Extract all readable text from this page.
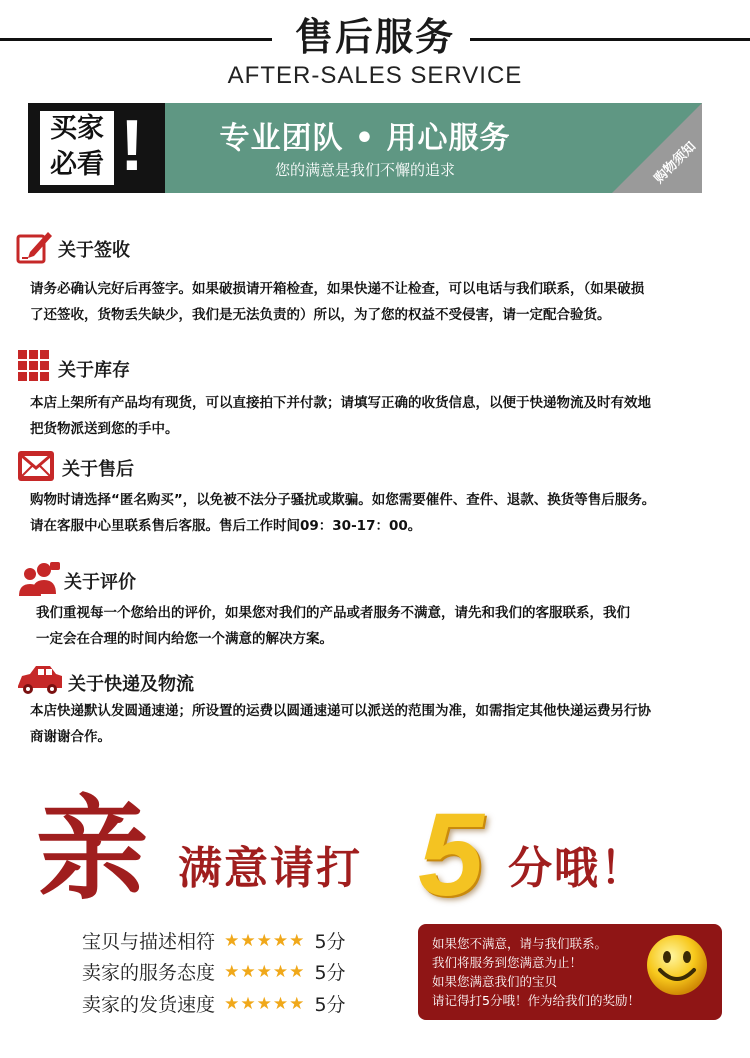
售后服务
AFTER-SALES SERVICE
买家
必看 !	专业团队 • 用心服务
您的满意是我们不懈的追求	购物须知
关于签收
请务必确认完好后再签字。如果破损请开箱检查，如果快递不让检查，可以电话与我们联系，（如果破损
了还签收，货物丢失缺少，我们是无法负责的）所以，为了您的权益不受侵害，请一定配合验货。
关于库存
本店上架所有产品均有现货，可以直接拍下并付款；请填写正确的收货信息，以便于快递物流及时有效地
把货物派送到您的手中。
关于售后
购物时请选择“匿名购买”，以免被不法分子骚扰或欺骗。如您需要催件、查件、退款、换货等售后服务。
请在客服中心里联系售后客服。售后工作时间09：30-17：00。
关于评价
我们重视每一个您给出的评价，如果您对我们的产品或者服务不满意，请先和我们的客服联系，我们
一定会在合理的时间内给您一个满意的解决方案。
关于快递及物流
本店快递默认发圆通速递；所设置的运费以圆通速递可以派送的范围为准，如需指定其他快递运费另行协
商谢谢合作。
亲 满意请打 5 分哦！
宝贝与描述相符 ★★★★★ 5分
卖家的服务态度 ★★★★★ 5分
卖家的发货速度 ★★★★★ 5分
如果您不满意，请与我们联系。
我们将服务到您满意为止！
如果您满意我们的宝贝
请记得打5分哦！作为给我们的奖励！
